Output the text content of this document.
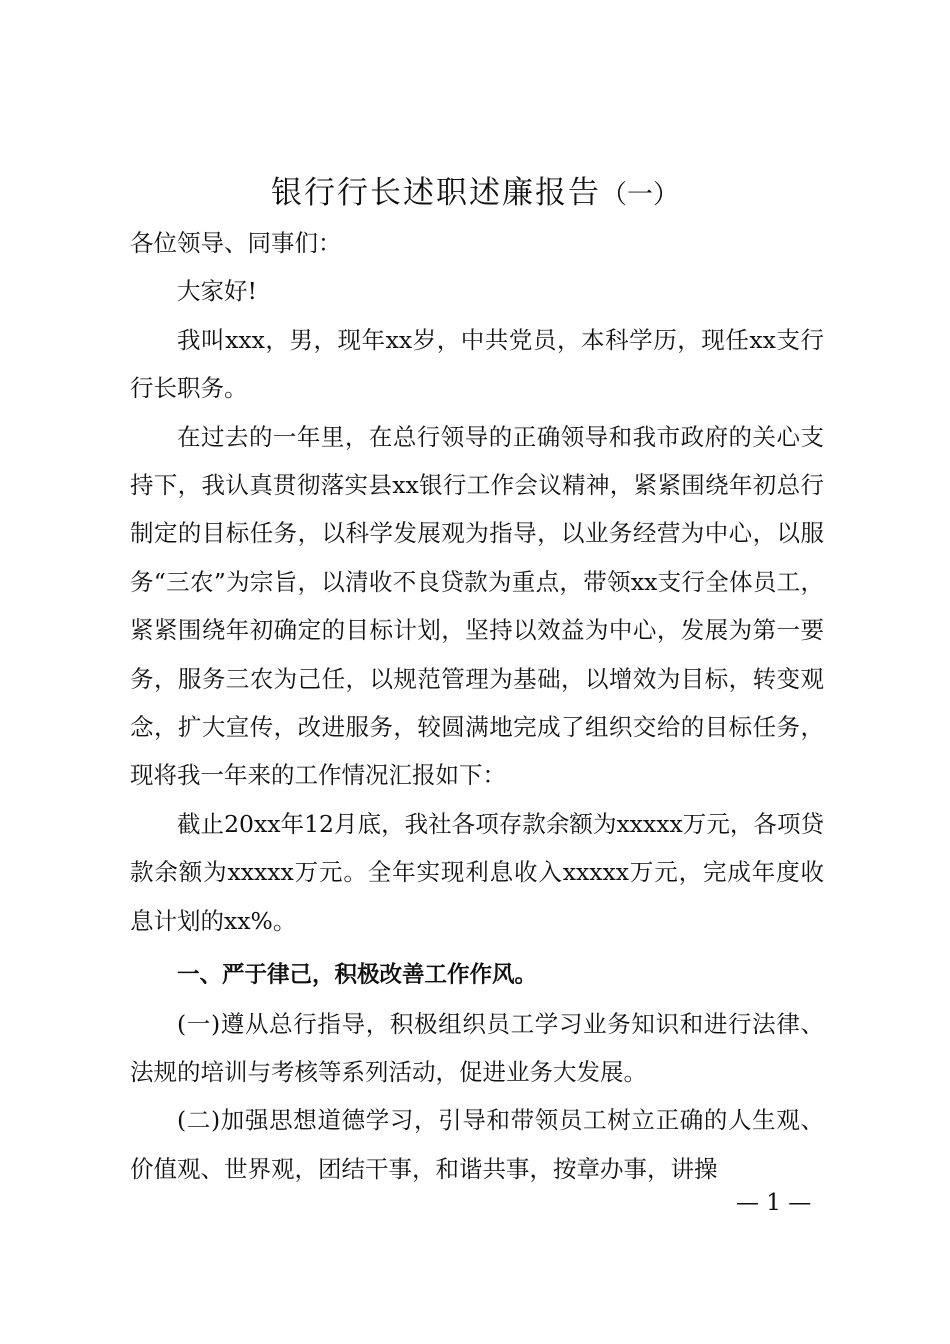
银行行长述职述廉报告（一）

各位领导、同事们：

大家好!

我叫xxx，男，现年xx岁，中共党员，本科学历，现任xx支行行长职务。

在过去的一年里，在总行领导的正确领导和我市政府的关心支持下，我认真贯彻落实县xx银行工作会议精神，紧紧围绕年初总行制定的目标任务，以科学发展观为指导，以业务经营为中心，以服务“三农”为宗旨，以清收不良贷款为重点，带领xx支行全体员工，紧紧围绕年初确定的目标计划，坚持以效益为中心，发展为第一要务，服务三农为己任，以规范管理为基础，以增效为目标，转变观念，扩大宣传，改进服务，较圆满地完成了组织交给的目标任务，现将我一年来的工作情况汇报如下：

截止20xx年12月底，我社各项存款余额为xxxxx万元，各项贷款余额为xxxxx万元。全年实现利息收入xxxxx万元，完成年度收息计划的xx%。

一、严于律己，积极改善工作作风。

(一)遵从总行指导，积极组织员工学习业务知识和进行法律、法规的培训与考核等系列活动，促进业务大发展。

(二)加强思想道德学习，引导和带领员工树立正确的人生观、价值观、世界观，团结干事，和谐共事，按章办事，讲操

— 1 —
